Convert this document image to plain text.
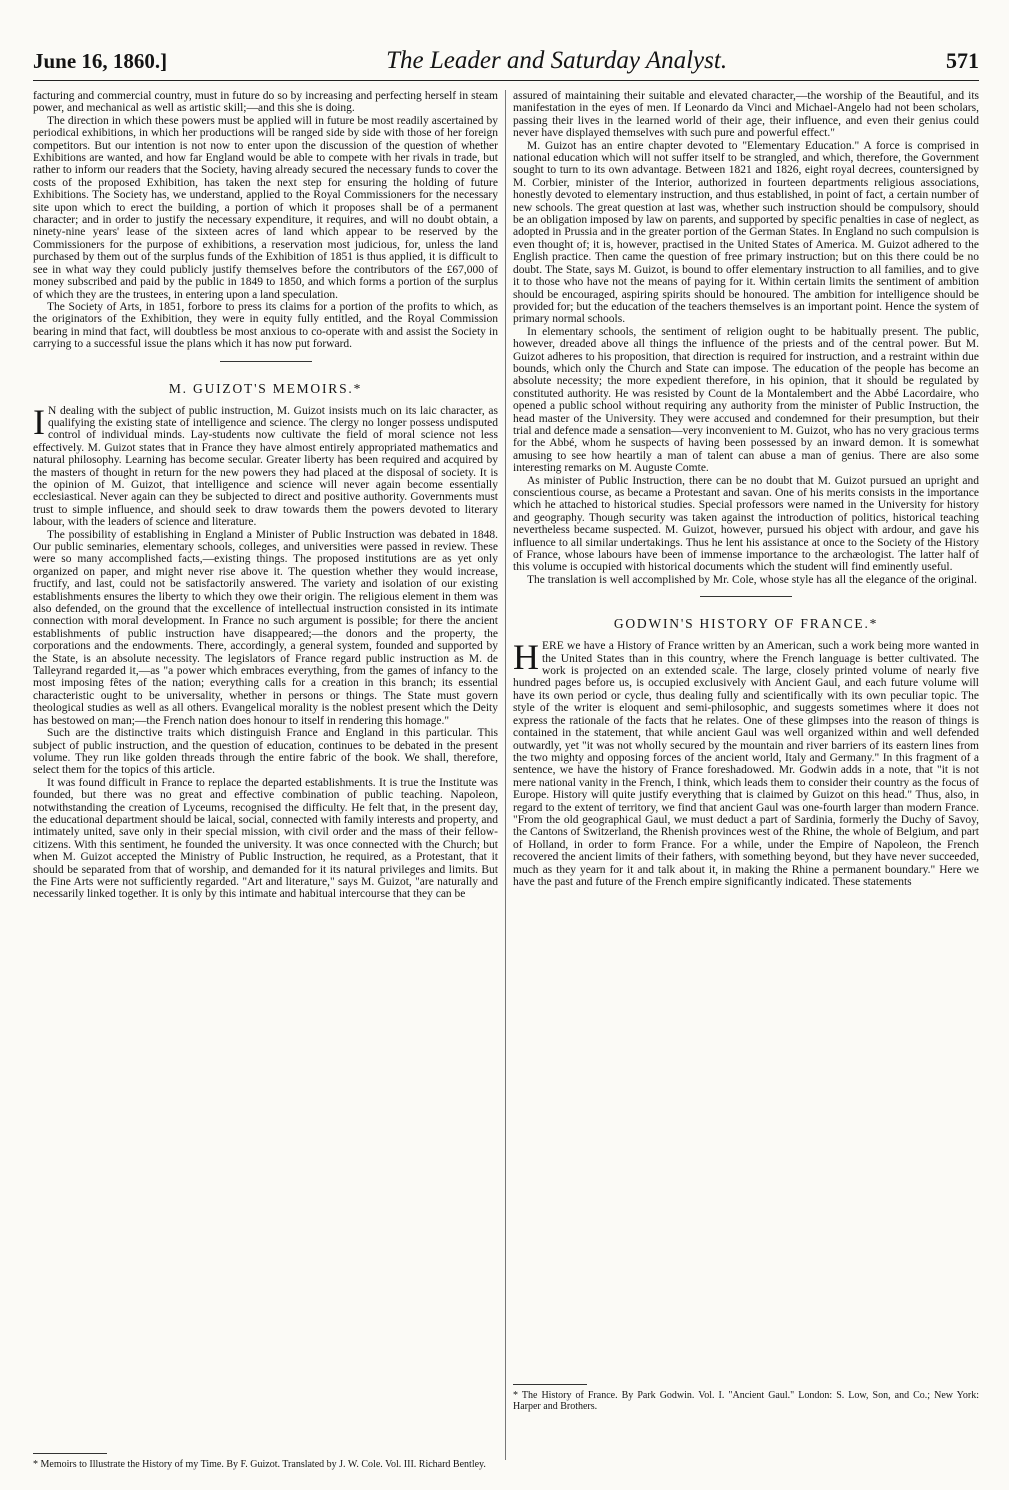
June 16, 1860.]	The Leader and Saturday Analyst.	571

facturing and commercial country, must in future do so by increasing and perfecting herself in steam power, and mechanical as well as artistic skill;—and this she is doing.

The direction in which these powers must be applied will in future be most readily ascertained by periodical exhibitions, in which her productions will be ranged side by side with those of her foreign competitors. But our intention is not now to enter upon the discussion of the question of whether Exhibitions are wanted, and how far England would be able to compete with her rivals in trade, but rather to inform our readers that the Society, having already secured the necessary funds to cover the costs of the proposed Exhibition, has taken the next step for ensuring the holding of future Exhibitions. The Society has, we understand, applied to the Royal Commissioners for the necessary site upon which to erect the building, a portion of which it proposes shall be of a permanent character; and in order to justify the necessary expenditure, it requires, and will no doubt obtain, a ninety-nine years' lease of the sixteen acres of land which appear to be reserved by the Commissioners for the purpose of exhibitions, a reservation most judicious, for, unless the land purchased by them out of the surplus funds of the Exhibition of 1851 is thus applied, it is difficult to see in what way they could publicly justify themselves before the contributors of the £67,000 of money subscribed and paid by the public in 1849 to 1850, and which forms a portion of the surplus of which they are the trustees, in entering upon a land speculation.

The Society of Arts, in 1851, forbore to press its claims for a portion of the profits to which, as the originators of the Exhibition, they were in equity fully entitled, and the Royal Commission bearing in mind that fact, will doubtless be most anxious to co-operate with and assist the Society in carrying to a successful issue the plans which it has now put forward.

M. GUIZOT'S MEMOIRS.*

I N dealing with the subject of public instruction, M. Guizot insists much on its laic character, as qualifying the existing state of intelligence and science. The clergy no longer possess undisputed control of individual minds. Lay-students now cultivate the field of moral science not less effectively. M. Guizot states that in France they have almost entirely appropriated mathematics and natural philosophy. Learning has become secular. Greater liberty has been required and acquired by the masters of thought in return for the new powers they had placed at the disposal of society. It is the opinion of M. Guizot, that intelligence and science will never again become essentially ecclesiastical. Never again can they be subjected to direct and positive authority. Governments must trust to simple influence, and should seek to draw towards them the powers devoted to literary labour, with the leaders of science and literature.

The possibility of establishing in England a Minister of Public Instruction was debated in 1848. Our public seminaries, elementary schools, colleges, and universities were passed in review. These were so many accomplished facts,—existing things. The proposed institutions are as yet only organized on paper, and might never rise above it. The question whether they would increase, fructify, and last, could not be satisfactorily answered. The variety and isolation of our existing establishments ensures the liberty to which they owe their origin. The religious element in them was also defended, on the ground that the excellence of intellectual instruction consisted in its intimate connection with moral development. In France no such argument is possible; for there the ancient establishments of public instruction have disappeared;—the donors and the property, the corporations and the endowments. There, accordingly, a general system, founded and supported by the State, is an absolute necessity. The legislators of France regard public instruction as M. de Talleyrand regarded it,—as "a power which embraces everything, from the games of infancy to the most imposing fêtes of the nation; everything calls for a creation in this branch; its essential characteristic ought to be universality, whether in persons or things. The State must govern theological studies as well as all others. Evangelical morality is the noblest present which the Deity has bestowed on man;—the French nation does honour to itself in rendering this homage."

Such are the distinctive traits which distinguish France and England in this particular. This subject of public instruction, and the question of education, continues to be debated in the present volume. They run like golden threads through the entire fabric of the book. We shall, therefore, select them for the topics of this article.

It was found difficult in France to replace the departed establishments. It is true the Institute was founded, but there was no great and effective combination of public teaching. Napoleon, notwithstanding the creation of Lyceums, recognised the difficulty. He felt that, in the present day, the educational department should be laical, social, connected with family interests and property, and intimately united, save only in their special mission, with civil order and the mass of their fellow-citizens. With this sentiment, he founded the university. It was once connected with the Church; but when M. Guizot accepted the Ministry of Public Instruction, he required, as a Protestant, that it should be separated from that of worship, and demanded for it its natural privileges and limits. But the Fine Arts were not sufficiently regarded. "Art and literature," says M. Guizot, "are naturally and necessarily linked together. It is only by this intimate and habitual intercourse that they can be

* Memoirs to Illustrate the History of my Time. By F. Guizot. Translated by J. W. Cole. Vol. III. Richard Bentley.

assured of maintaining their suitable and elevated character,—the worship of the Beautiful, and its manifestation in the eyes of men. If Leonardo da Vinci and Michael-Angelo had not been scholars, passing their lives in the learned world of their age, their influence, and even their genius could never have displayed themselves with such pure and powerful effect."

M. Guizot has an entire chapter devoted to "Elementary Education." A force is comprised in national education which will not suffer itself to be strangled, and which, therefore, the Government sought to turn to its own advantage. Between 1821 and 1826, eight royal decrees, countersigned by M. Corbier, minister of the Interior, authorized in fourteen departments religious associations, honestly devoted to elementary instruction, and thus established, in point of fact, a certain number of new schools. The great question at last was, whether such instruction should be compulsory, should be an obligation imposed by law on parents, and supported by specific penalties in case of neglect, as adopted in Prussia and in the greater portion of the German States. In England no such compulsion is even thought of; it is, however, practised in the United States of America. M. Guizot adhered to the English practice. Then came the question of free primary instruction; but on this there could be no doubt. The State, says M. Guizot, is bound to offer elementary instruction to all families, and to give it to those who have not the means of paying for it. Within certain limits the sentiment of ambition should be encouraged, aspiring spirits should be honoured. The ambition for intelligence should be provided for; but the education of the teachers themselves is an important point. Hence the system of primary normal schools.

In elementary schools, the sentiment of religion ought to be habitually present. The public, however, dreaded above all things the influence of the priests and of the central power. But M. Guizot adheres to his proposition, that direction is required for instruction, and a restraint within due bounds, which only the Church and State can impose. The education of the people has become an absolute necessity; the more expedient therefore, in his opinion, that it should be regulated by constituted authority. He was resisted by Count de la Montalembert and the Abbé Lacordaire, who opened a public school without requiring any authority from the minister of Public Instruction, the head master of the University. They were accused and condemned for their presumption, but their trial and defence made a sensation—very inconvenient to M. Guizot, who has no very gracious terms for the Abbé, whom he suspects of having been possessed by an inward demon. It is somewhat amusing to see how heartily a man of talent can abuse a man of genius. There are also some interesting remarks on M. Auguste Comte.

As minister of Public Instruction, there can be no doubt that M. Guizot pursued an upright and conscientious course, as became a Protestant and savan. One of his merits consists in the importance which he attached to historical studies. Special professors were named in the University for history and geography. Though security was taken against the introduction of politics, historical teaching nevertheless became suspected. M. Guizot, however, pursued his object with ardour, and gave his influence to all similar undertakings. Thus he lent his assistance at once to the Society of the History of France, whose labours have been of immense importance to the archæologist. The latter half of this volume is occupied with historical documents which the student will find eminently useful.

The translation is well accomplished by Mr. Cole, whose style has all the elegance of the original.

GODWIN'S HISTORY OF FRANCE.*

HERE we have a History of France written by an American, such a work being more wanted in the United States than in this country, where the French language is better cultivated. The work is projected on an extended scale. The large, closely printed volume of nearly five hundred pages before us, is occupied exclusively with Ancient Gaul, and each future volume will have its own period or cycle, thus dealing fully and scientifically with its own peculiar topic. The style of the writer is eloquent and semi-philosophic, and suggests sometimes where it does not express the rationale of the facts that he relates. One of these glimpses into the reason of things is contained in the statement, that while ancient Gaul was well organized within and well defended outwardly, yet "it was not wholly secured by the mountain and river barriers of its eastern lines from the two mighty and opposing forces of the ancient world, Italy and Germany." In this fragment of a sentence, we have the history of France foreshadowed. Mr. Godwin adds in a note, that "it is not mere national vanity in the French, I think, which leads them to consider their country as the focus of Europe. History will quite justify everything that is claimed by Guizot on this head." Thus, also, in regard to the extent of territory, we find that ancient Gaul was one-fourth larger than modern France. "From the old geographical Gaul, we must deduct a part of Sardinia, formerly the Duchy of Savoy, the Cantons of Switzerland, the Rhenish provinces west of the Rhine, the whole of Belgium, and part of Holland, in order to form France. For a while, under the Empire of Napoleon, the French recovered the ancient limits of their fathers, with something beyond, but they have never succeeded, much as they yearn for it and talk about it, in making the Rhine a permanent boundary." Here we have the past and future of the French empire significantly indicated. These statements

* The History of France. By Park Godwin. Vol. I. "Ancient Gaul." London: S. Low, Son, and Co.; New York: Harper and Brothers.
